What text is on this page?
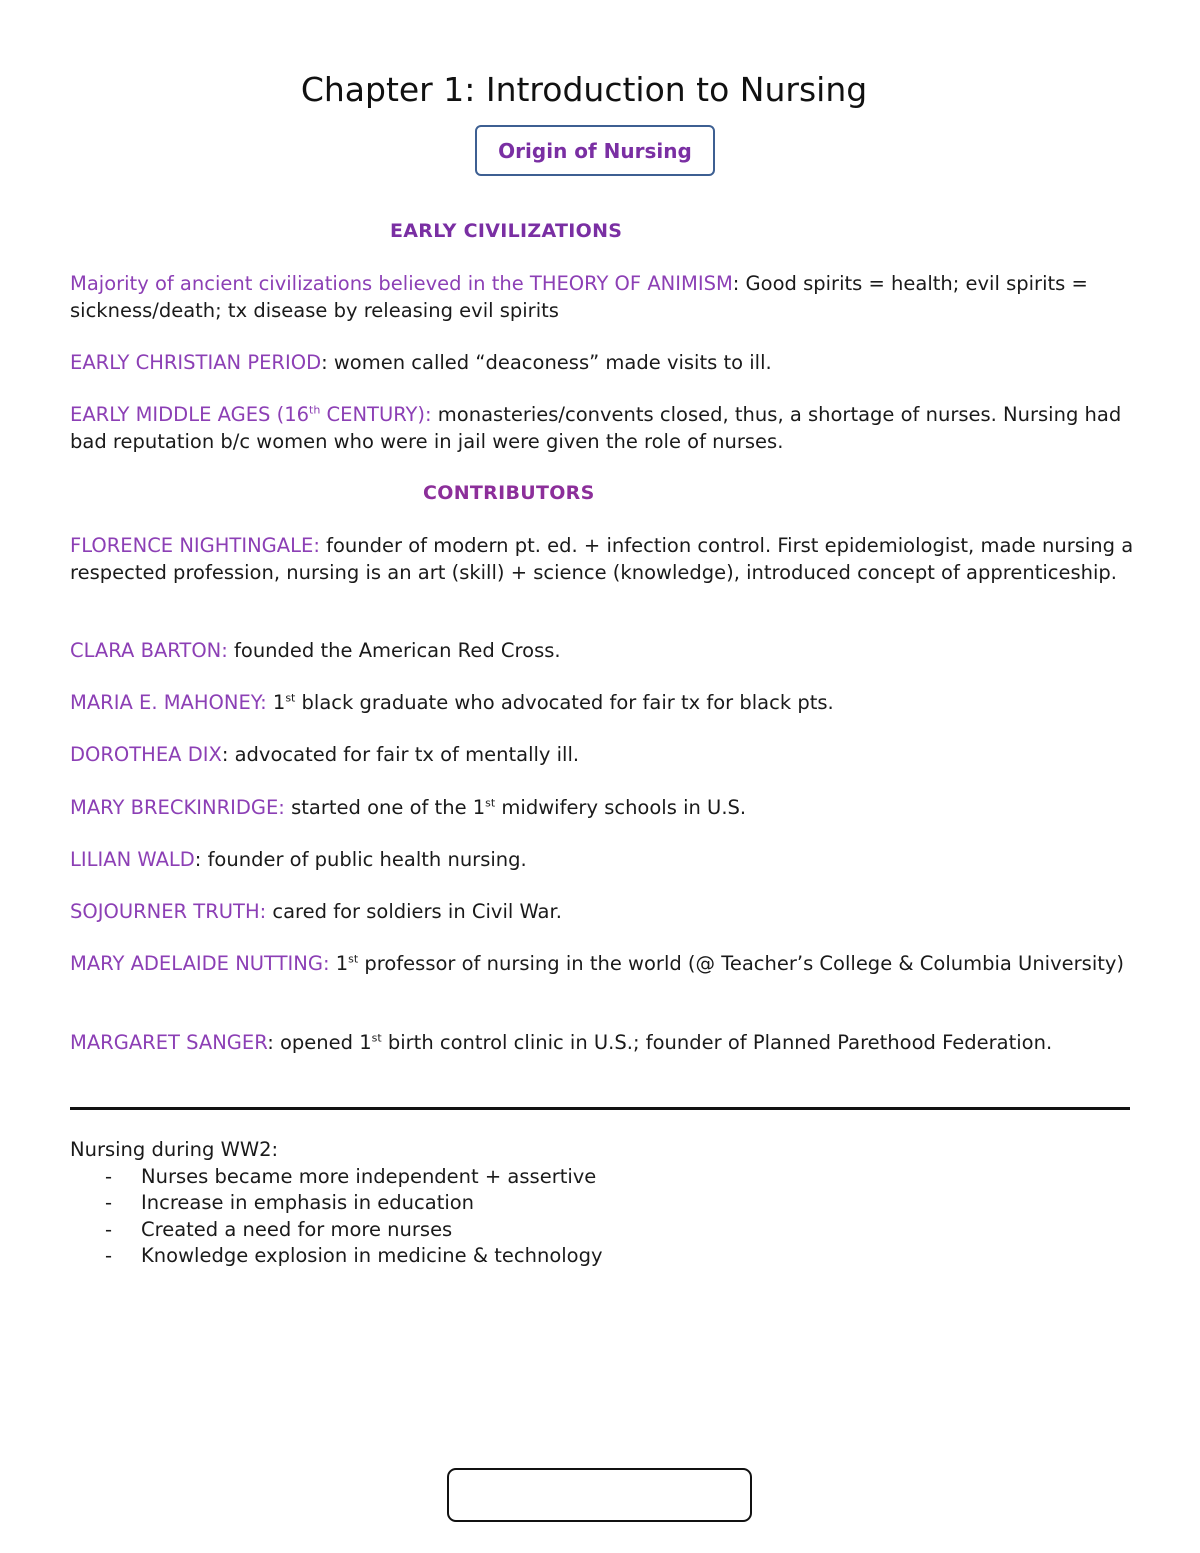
Chapter 1: Introduction to Nursing
Origin of Nursing
EARLY CIVILIZATIONS
Majority of ancient civilizations believed in the THEORY OF ANIMISM: Good spirits = health; evil spirits = sickness/death; tx disease by releasing evil spirits
EARLY CHRISTIAN PERIOD: women called “deaconess” made visits to ill.
EARLY MIDDLE AGES (16th CENTURY): monasteries/convents closed, thus, a shortage of nurses. Nursing had bad reputation b/c women who were in jail were given the role of nurses.
CONTRIBUTORS
FLORENCE NIGHTINGALE: founder of modern pt. ed. + infection control. First epidemiologist, made nursing a respected profession, nursing is an art (skill) + science (knowledge), introduced concept of apprenticeship.
CLARA BARTON: founded the American Red Cross.
MARIA E. MAHONEY: 1st black graduate who advocated for fair tx for black pts.
DOROTHEA DIX: advocated for fair tx of mentally ill.
MARY BRECKINRIDGE: started one of the 1st midwifery schools in U.S.
LILIAN WALD: founder of public health nursing.
SOJOURNER TRUTH: cared for soldiers in Civil War.
MARY ADELAIDE NUTTING: 1st professor of nursing in the world (@ Teacher’s College & Columbia University)
MARGARET SANGER: opened 1st birth control clinic in U.S.; founder of Planned Parethood Federation.
Nursing during WW2:
- Nurses became more independent + assertive
- Increase in emphasis in education
- Created a need for more nurses
- Knowledge explosion in medicine & technology
